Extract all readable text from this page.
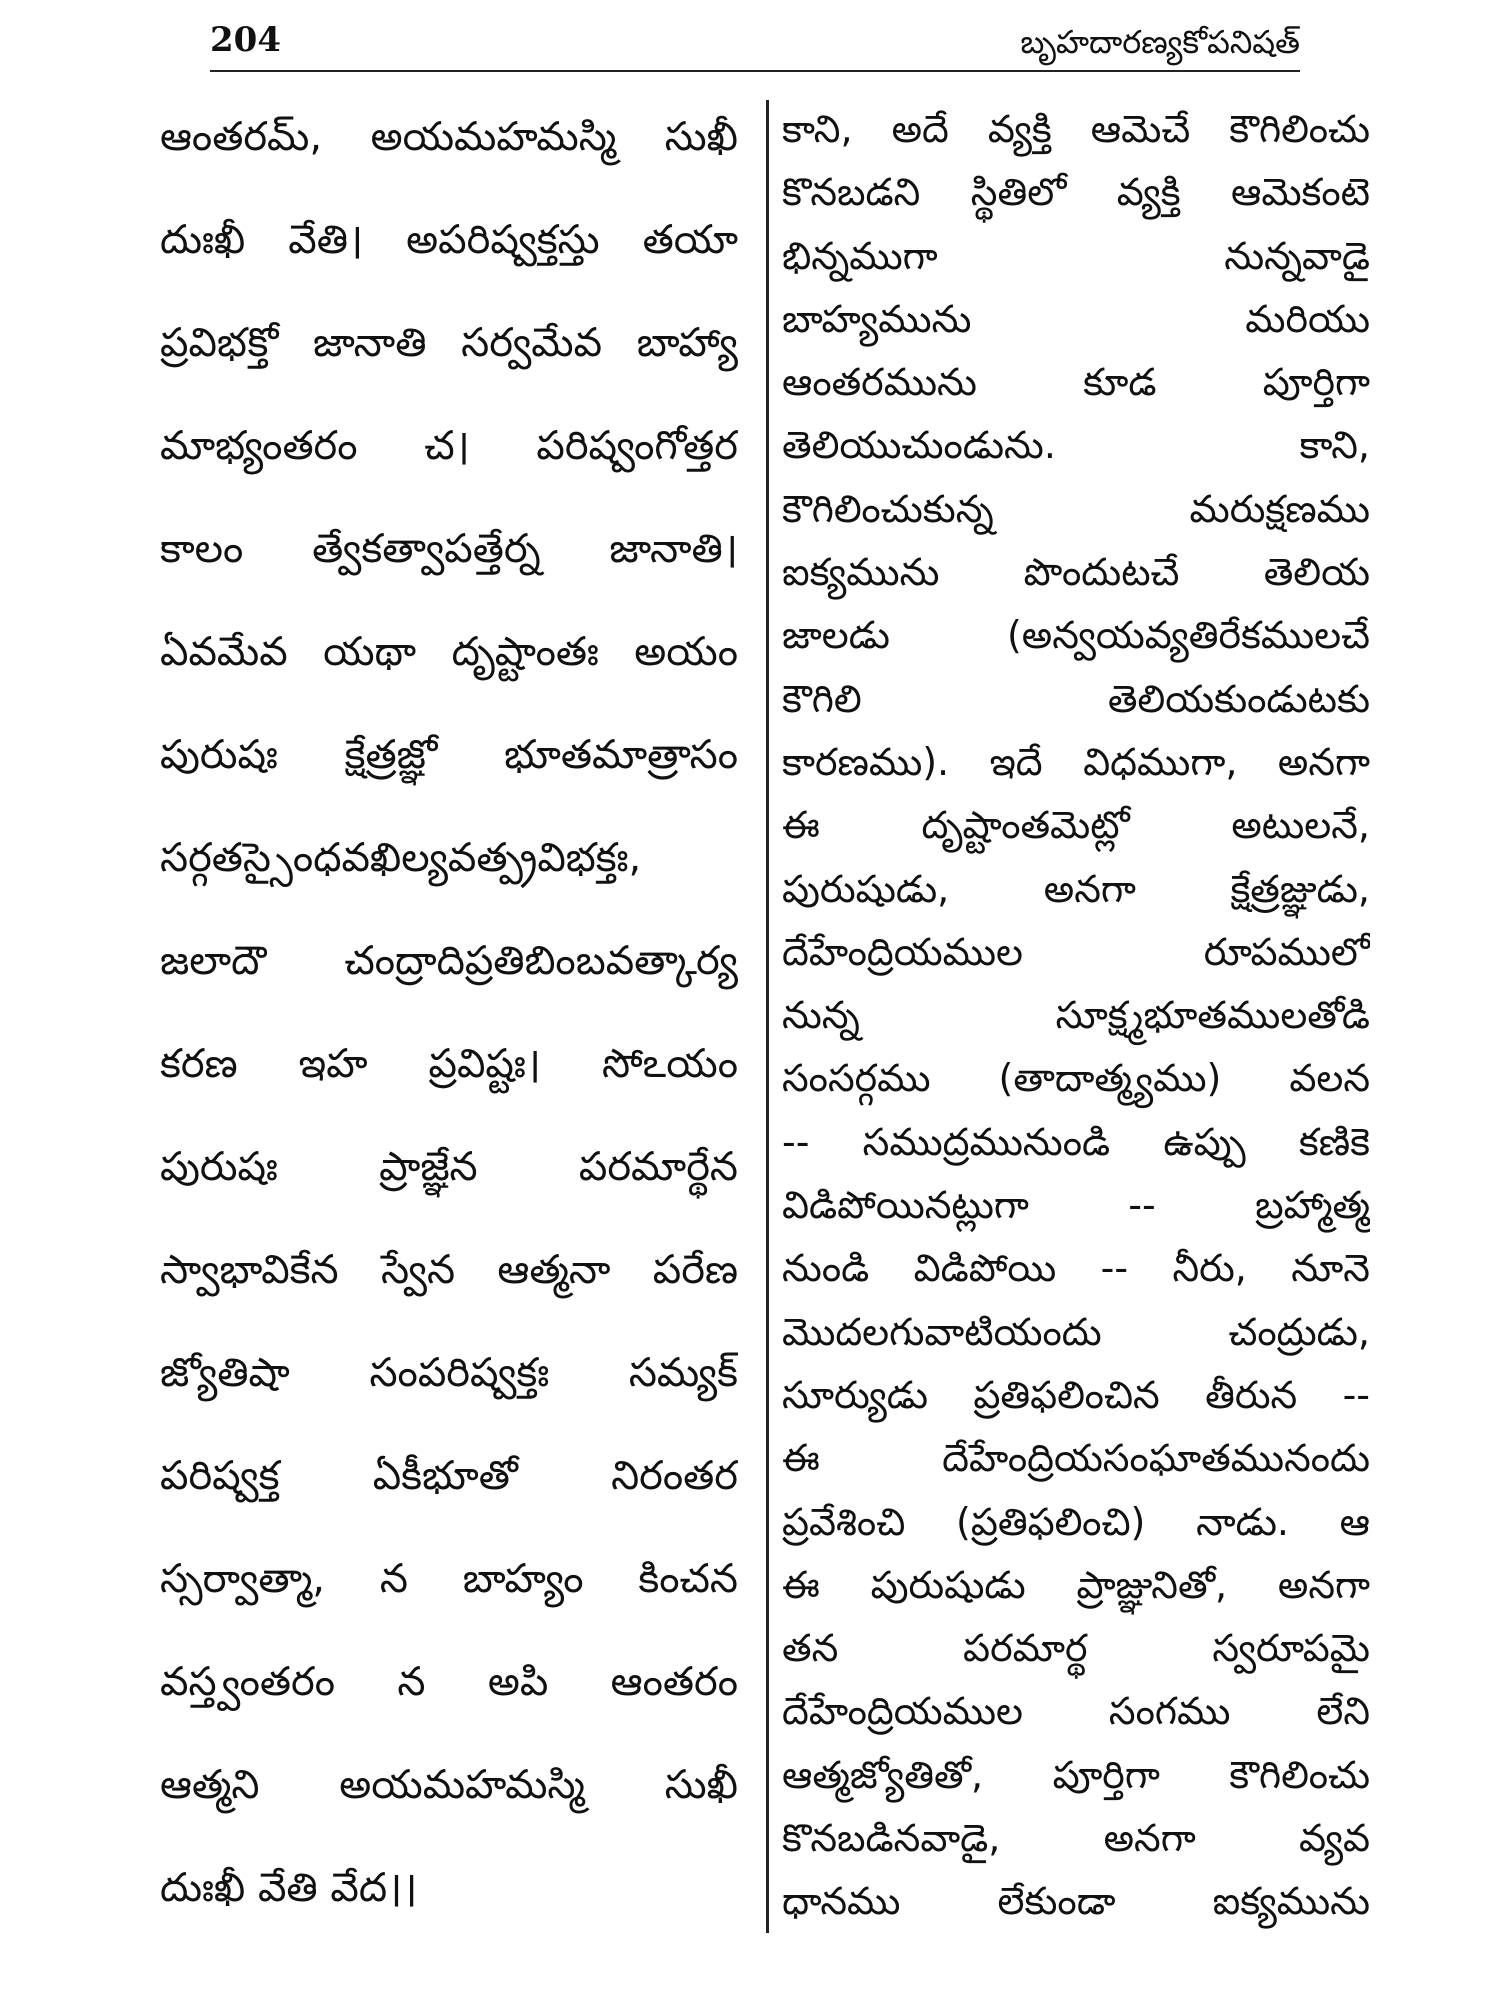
204	బృహదారణ్యకోపనిషత్
ఆంతరమ్, అయమహమస్మి సుఖీ
దుఃఖీ వేతి। అపరిష్వక్తస్తు తయా
ప్రవిభక్తో జానాతి సర్వమేవ బాహ్యా
మాభ్యంతరం చ। పరిష్వంగోత్తర
కాలం త్వేకత్వాపత్తేర్న జానాతి।
ఏవమేవ యథా దృష్టాంతః అయం
పురుషః క్షేత్రజ్ఞో భూతమాత్రాసం
సర్గతస్సైంధవఖిల్యవత్ప్రవిభక్తః,
జలాదౌ చంద్రాదిప్రతిబింబవత్కార్య
కరణ ఇహ ప్రవిష్టః। సోఽయం
పురుషః ప్రాజ్ఞేన పరమార్థేన
స్వాభావికేన స్వేన ఆత్మనా పరేణ
జ్యోతిషా సంపరిష్వక్తః సమ్యక్
పరిష్వక్త ఏకీభూతో నిరంతర
స్సర్వాత్మా, న బాహ్యం కించన
వస్త్వంతరం న అపి ఆంతరం
ఆత్మని అయమహమస్మి సుఖీ
దుఃఖీ వేతి వేద।।
కాని, అదే వ్యక్తి ఆమెచే కౌగిలించు
కొనబడని స్థితిలో వ్యక్తి ఆమెకంటె
భిన్నముగా నున్నవాడై
బాహ్యమును మరియు
ఆంతరమును కూడ పూర్తిగా
తెలియుచుండును. కాని,
కౌగిలించుకున్న మరుక్షణము
ఐక్యమును పొందుటచే తెలియ
జాలడు (అన్వయవ్యతిరేకములచే
కౌగిలి తెలియకుండుటకు
కారణము). ఇదే విధముగా, అనగా
ఈ దృష్టాంతమెట్లో అటులనే,
పురుషుడు, అనగా క్షేత్రజ్ఞుడు,
దేహేంద్రియముల రూపములో
నున్న సూక్ష్మభూతములతోడి
సంసర్గము (తాదాత్మ్యము) వలన
-- సముద్రమునుండి ఉప్పు కణికె
విడిపోయినట్లుగా -- బ్రహ్మాత్మ
నుండి విడిపోయి -- నీరు, నూనె
మొదలగువాటియందు చంద్రుడు,
సూర్యుడు ప్రతిఫలించిన తీరున --
ఈ దేహేంద్రియసంఘాతమునందు
ప్రవేశించి (ప్రతిఫలించి) నాడు. ఆ
ఈ పురుషుడు ప్రాజ్ఞునితో, అనగా
తన పరమార్థ స్వరూపమై
దేహేంద్రియముల సంగము లేని
ఆత్మజ్యోతితో, పూర్తిగా కౌగిలించు
కొనబడినవాడై, అనగా వ్యవ
ధానము లేకుండా ఐక్యమును
